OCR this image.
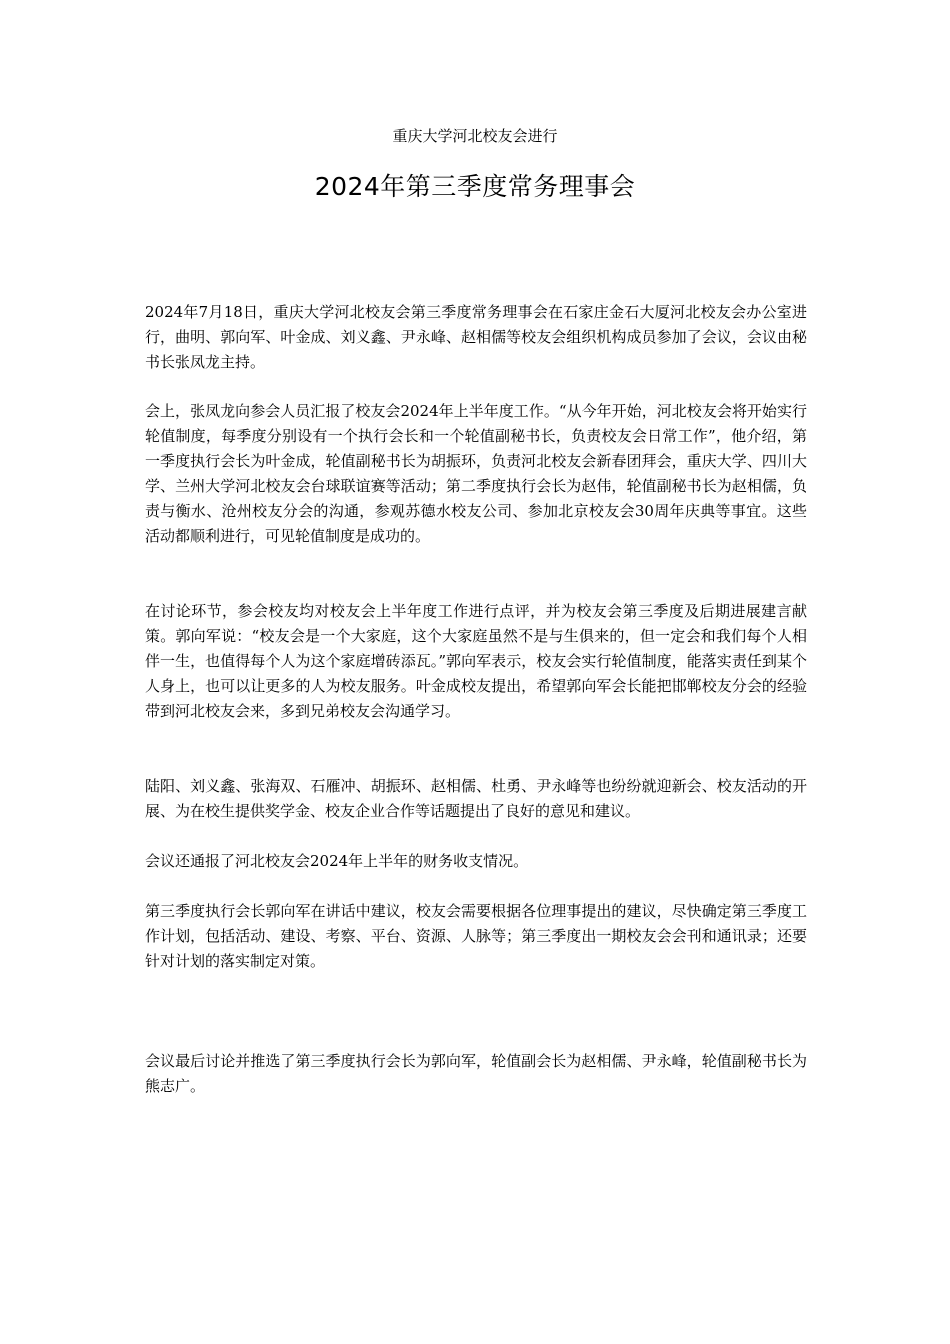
重庆大学河北校友会进行
2024年第三季度常务理事会

2024年7月18日，重庆大学河北校友会第三季度常务理事会在石家庄金石大厦河北校友会办公室进行，曲明、郭向军、叶金成、刘义鑫、尹永峰、赵相儒等校友会组织机构成员参加了会议，会议由秘书长张凤龙主持。

会上，张凤龙向参会人员汇报了校友会2024年上半年度工作。“从今年开始，河北校友会将开始实行轮值制度，每季度分别设有一个执行会长和一个轮值副秘书长，负责校友会日常工作”，他介绍，第一季度执行会长为叶金成，轮值副秘书长为胡振环，负责河北校友会新春团拜会，重庆大学、四川大学、兰州大学河北校友会台球联谊赛等活动；第二季度执行会长为赵伟，轮值副秘书长为赵相儒，负责与衡水、沧州校友分会的沟通，参观苏德水校友公司、参加北京校友会30周年庆典等事宜。这些活动都顺利进行，可见轮值制度是成功的。

在讨论环节，参会校友均对校友会上半年度工作进行点评，并为校友会第三季度及后期进展建言献策。郭向军说：“校友会是一个大家庭，这个大家庭虽然不是与生俱来的，但一定会和我们每个人相伴一生，也值得每个人为这个家庭增砖添瓦。”郭向军表示，校友会实行轮值制度，能落实责任到某个人身上，也可以让更多的人为校友服务。叶金成校友提出，希望郭向军会长能把邯郸校友分会的经验带到河北校友会来，多到兄弟校友会沟通学习。

陆阳、刘义鑫、张海双、石雁冲、胡振环、赵相儒、杜勇、尹永峰等也纷纷就迎新会、校友活动的开展、为在校生提供奖学金、校友企业合作等话题提出了良好的意见和建议。

会议还通报了河北校友会2024年上半年的财务收支情况。

第三季度执行会长郭向军在讲话中建议，校友会需要根据各位理事提出的建议，尽快确定第三季度工作计划，包括活动、建设、考察、平台、资源、人脉等；第三季度出一期校友会会刊和通讯录；还要针对计划的落实制定对策。

会议最后讨论并推选了第三季度执行会长为郭向军，轮值副会长为赵相儒、尹永峰，轮值副秘书长为熊志广。
